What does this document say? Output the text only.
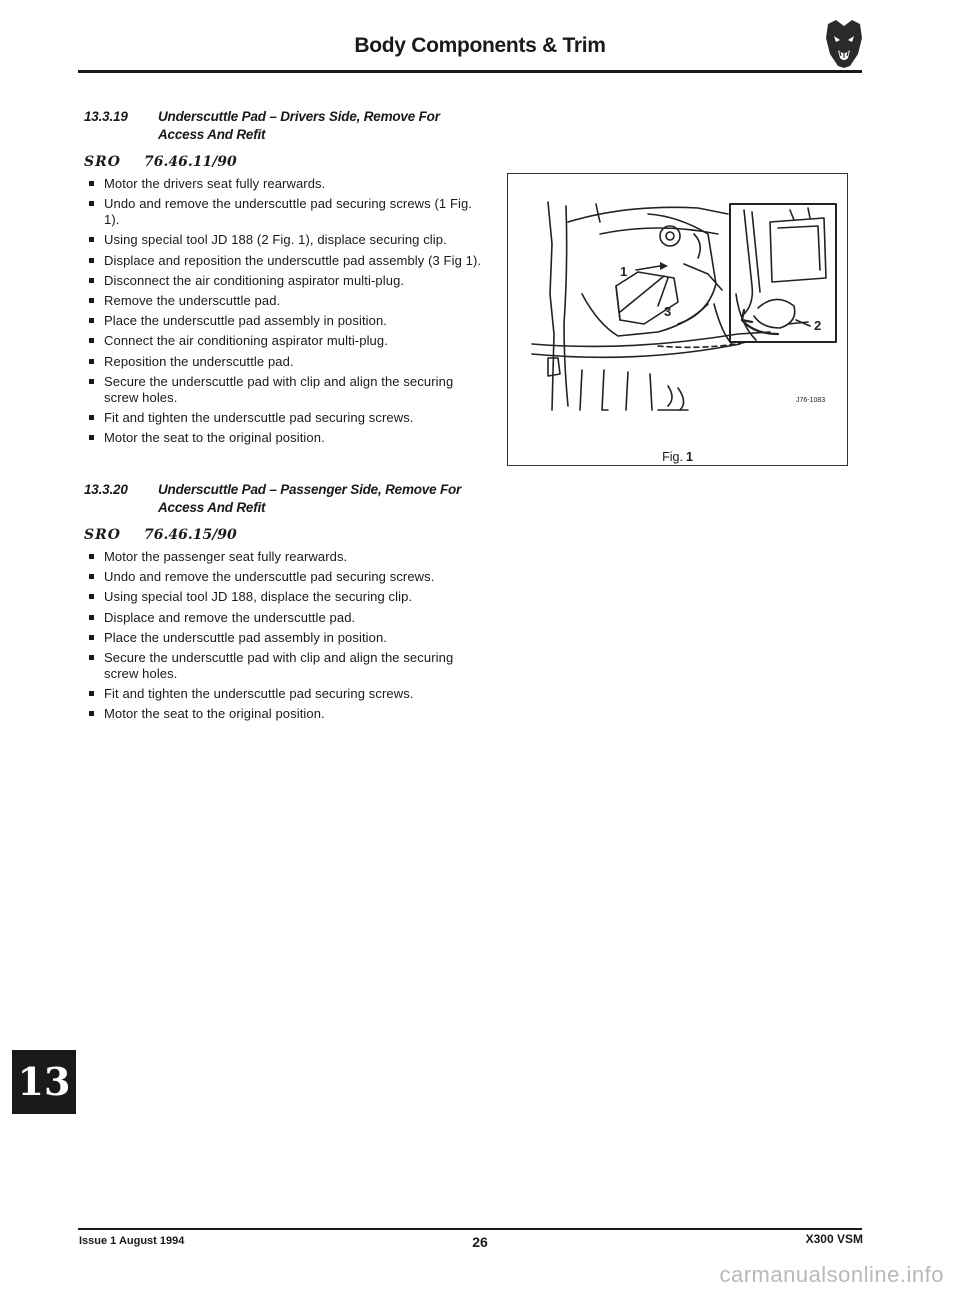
Body Components & Trim
13.3.19	Underscuttle Pad – Drivers Side, Remove For Access And Refit
SRO	76.46.11/90
Motor the drivers seat fully rearwards.
Undo and remove the underscuttle pad securing screws (1 Fig. 1).
Using special tool JD 188 (2 Fig. 1), displace securing clip.
Displace and reposition the underscuttle pad assembly (3 Fig 1).
Disconnect the air conditioning aspirator multi-plug.
Remove the underscuttle pad.
Place the underscuttle pad assembly in position.
Connect the air conditioning aspirator multi-plug.
Reposition the underscuttle pad.
Secure the underscuttle pad with clip and align the securing screw holes.
Fit and tighten the underscuttle pad securing screws.
Motor the seat to the original position.
13.3.20	Underscuttle Pad – Passenger Side, Remove For Access And Refit
SRO	76.46.15/90
Motor the passenger seat fully rearwards.
Undo and remove the underscuttle pad securing screws.
Using special tool JD 188, displace the securing clip.
Displace and remove the underscuttle pad.
Place the underscuttle pad assembly in position.
Secure the underscuttle pad with clip and align the securing screw holes.
Fit and tighten the underscuttle pad securing screws.
Motor the seat to the original position.
1
3
2
J76-1083
Fig. 1
13
Issue 1 August 1994	26	X300 VSM
carmanualsonline.info
